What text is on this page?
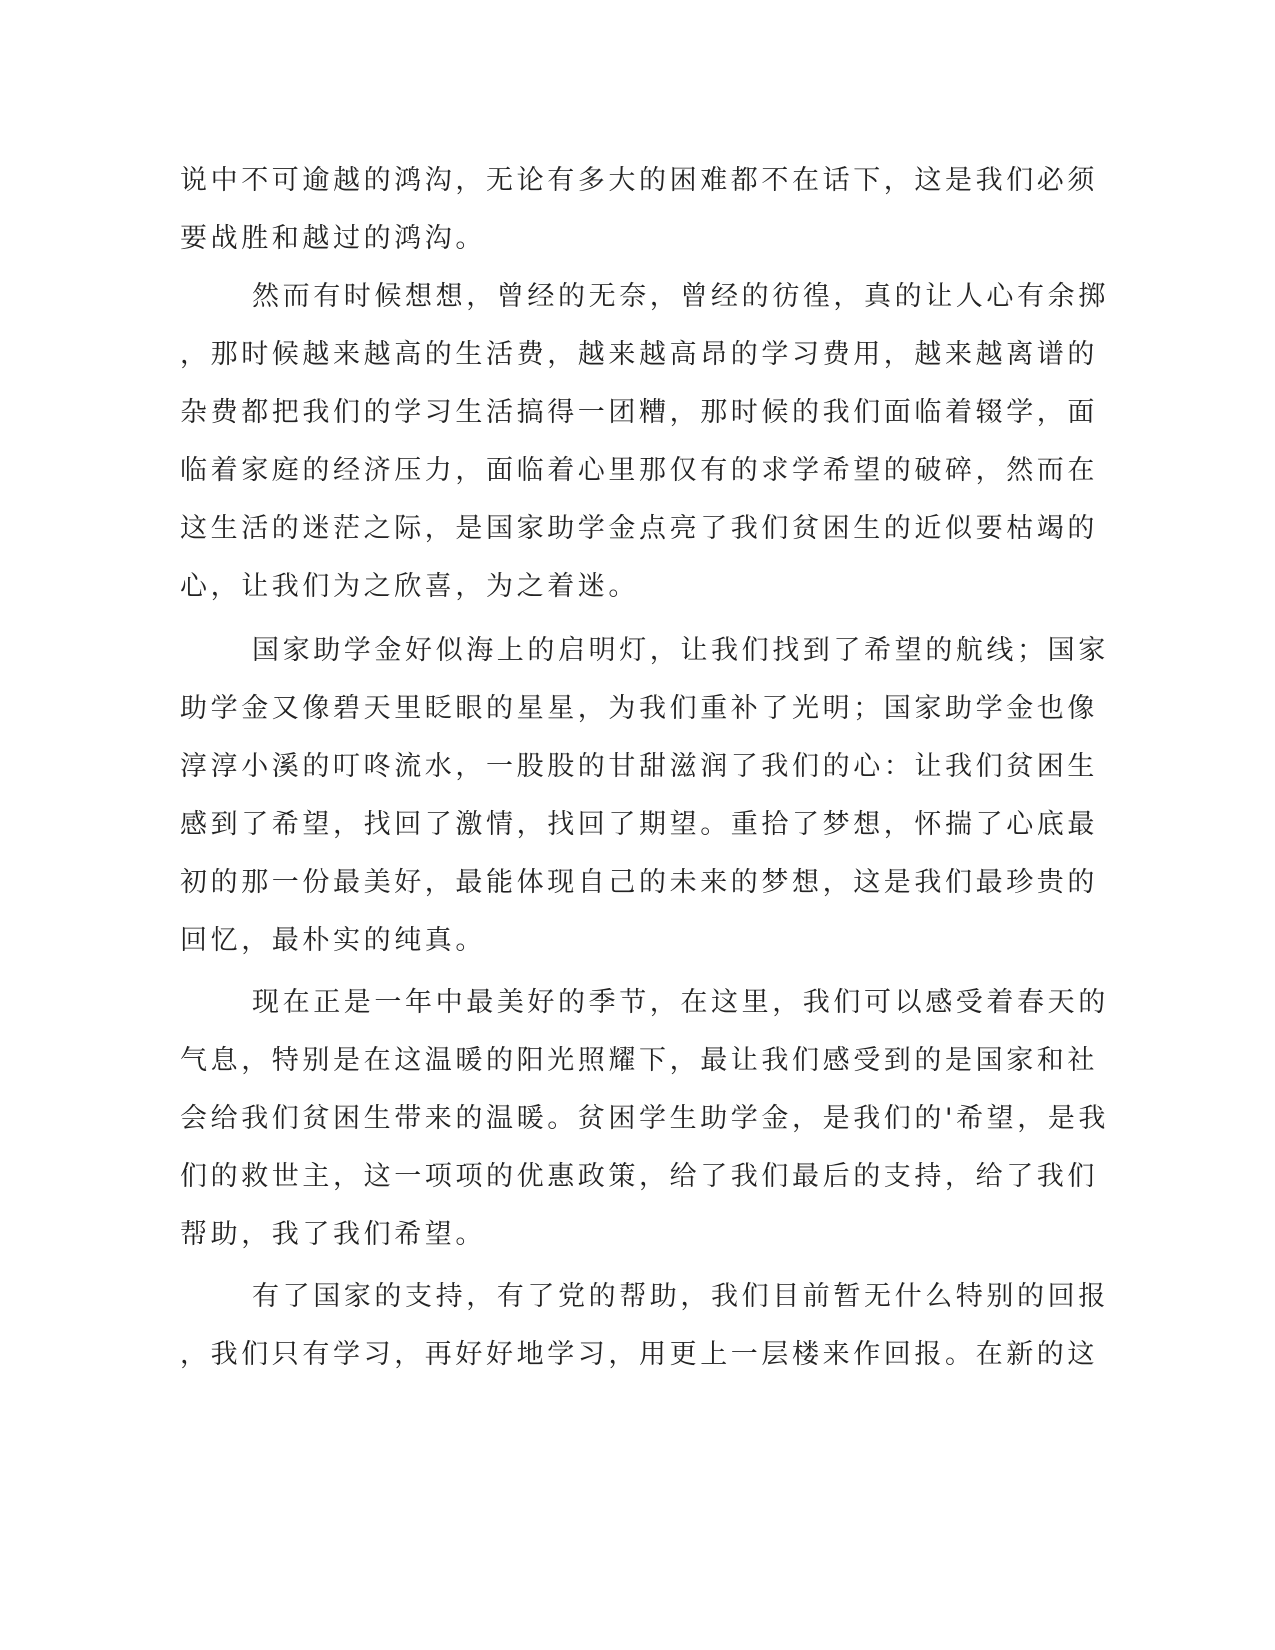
说中不可逾越的鸿沟，无论有多大的困难都不在话下，这是我们必须
要战胜和越过的鸿沟。
然而有时候想想，曾经的无奈，曾经的彷徨，真的让人心有余掷
，那时候越来越高的生活费，越来越高昂的学习费用，越来越离谱的
杂费都把我们的学习生活搞得一团糟，那时候的我们面临着辍学，面
临着家庭的经济压力，面临着心里那仅有的求学希望的破碎，然而在
这生活的迷茫之际，是国家助学金点亮了我们贫困生的近似要枯竭的
心，让我们为之欣喜，为之着迷。
国家助学金好似海上的启明灯，让我们找到了希望的航线；国家
助学金又像碧天里眨眼的星星，为我们重补了光明；国家助学金也像
淳淳小溪的叮咚流水，一股股的甘甜滋润了我们的心：让我们贫困生
感到了希望，找回了激情，找回了期望。重拾了梦想，怀揣了心底最
初的那一份最美好，最能体现自己的未来的梦想，这是我们最珍贵的
回忆，最朴实的纯真。
现在正是一年中最美好的季节，在这里，我们可以感受着春天的
气息，特别是在这温暖的阳光照耀下，最让我们感受到的是国家和社
会给我们贫困生带来的温暖。贫困学生助学金，是我们的'希望，是我
们的救世主，这一项项的优惠政策，给了我们最后的支持，给了我们
帮助，我了我们希望。
有了国家的支持，有了党的帮助，我们目前暂无什么特别的回报
，我们只有学习，再好好地学习，用更上一层楼来作回报。在新的这
